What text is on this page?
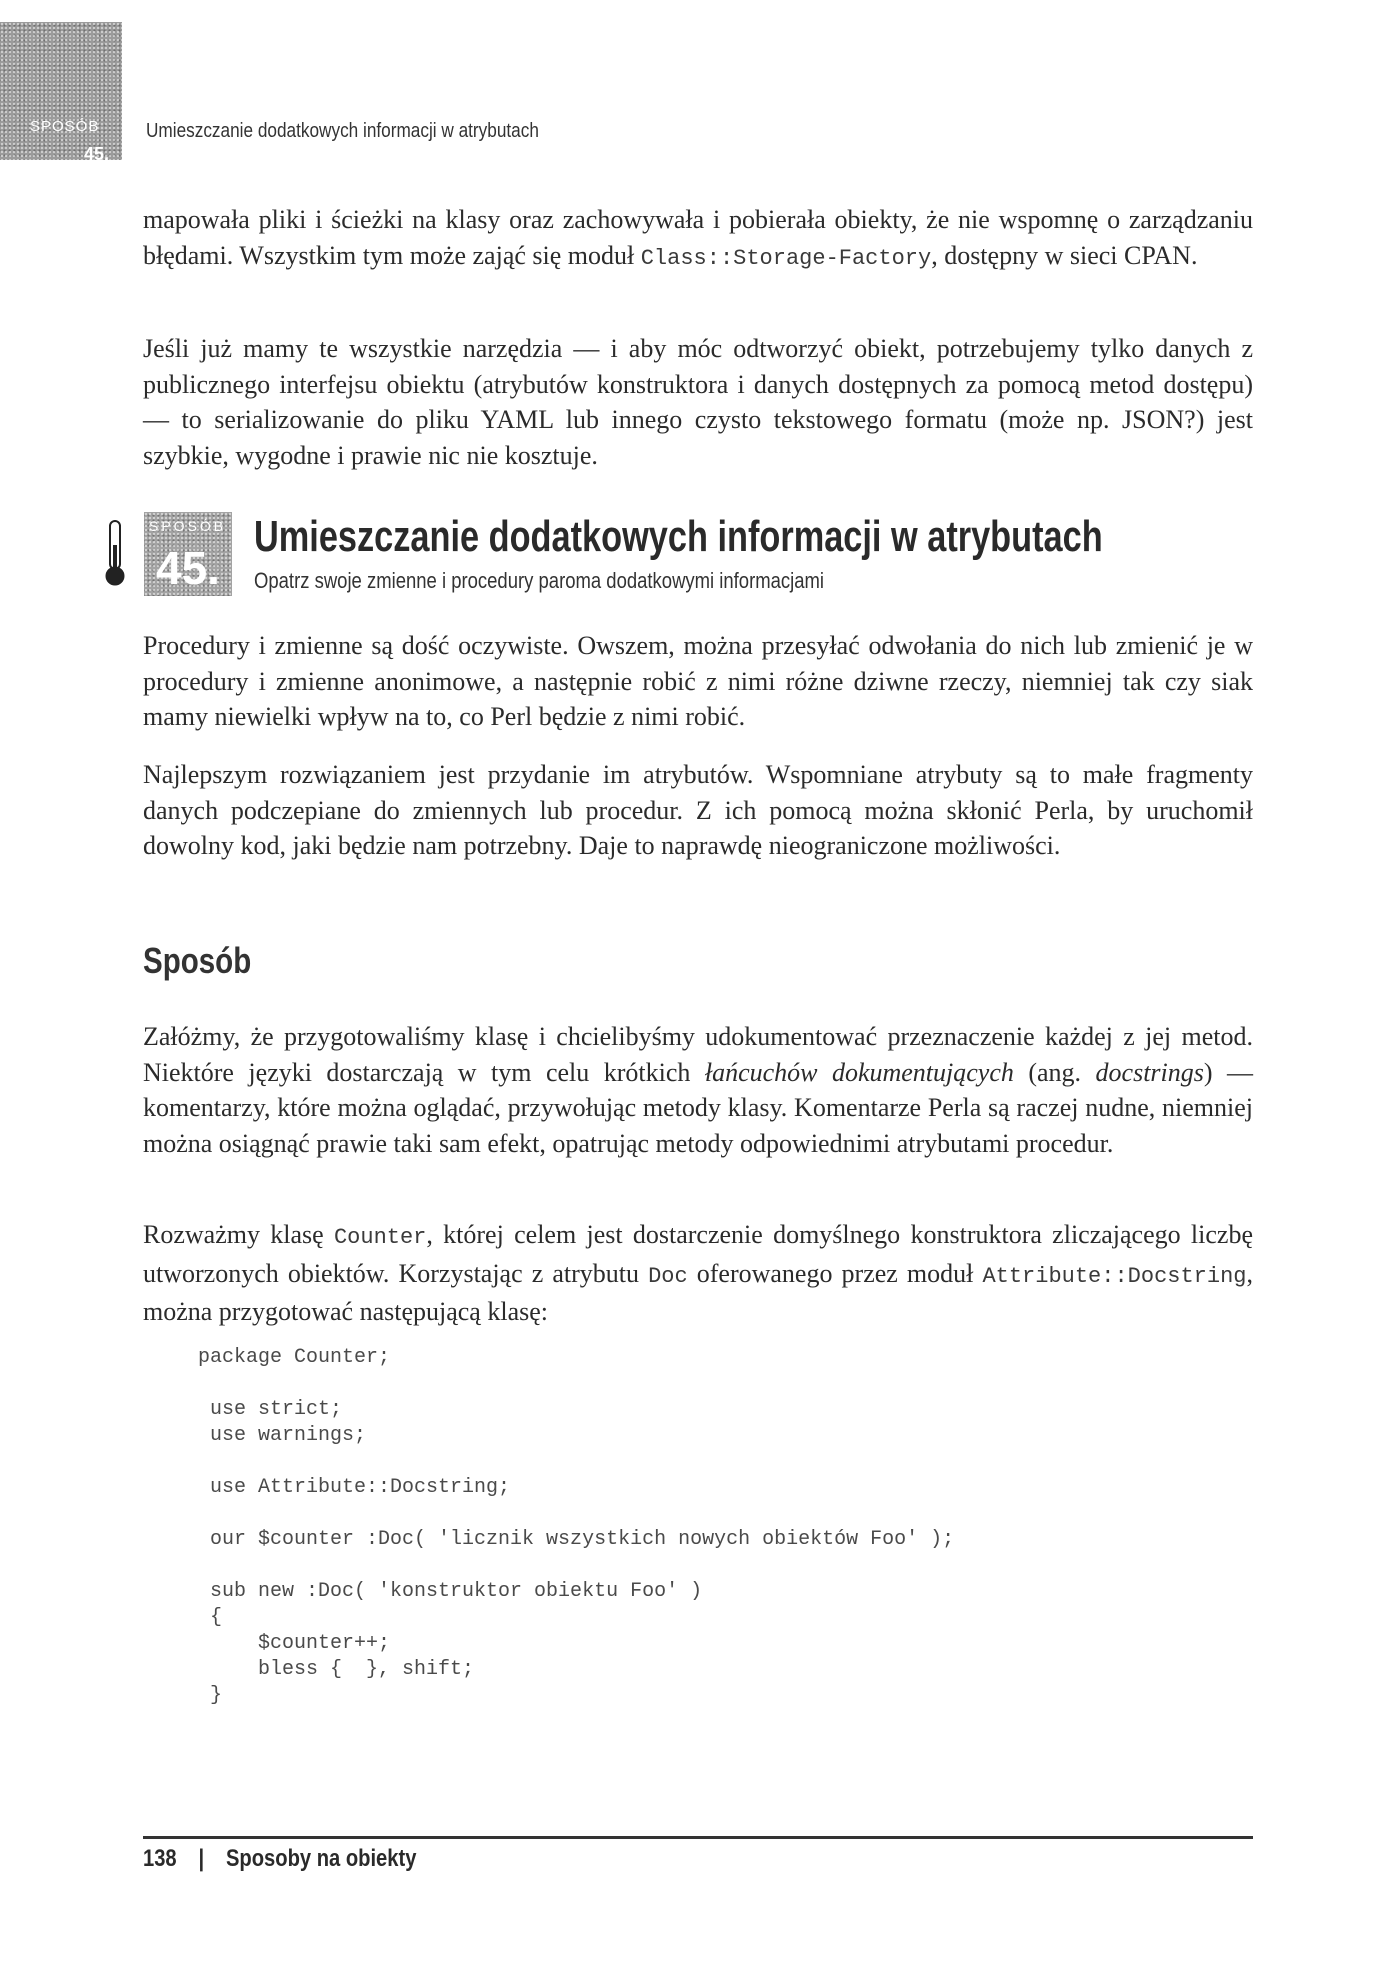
SPOSÓB
45.
Umieszczanie dodatkowych informacji w atrybutach

mapowała pliki i ścieżki na klasy oraz zachowywała i pobierała obiekty, że nie wspomnę o zarządzaniu błędami. Wszystkim tym może zająć się moduł Class::Storage-Factory, dostępny w sieci CPAN.

Jeśli już mamy te wszystkie narzędzia — i aby móc odtworzyć obiekt, potrzebujemy tylko danych z publicznego interfejsu obiektu (atrybutów konstruktora i danych dostępnych za pomocą metod dostępu) — to serializowanie do pliku YAML lub innego czysto tekstowego formatu (może np. JSON?) jest szybkie, wygodne i prawie nic nie kosztuje.

SPOSÓB
45.
Umieszczanie dodatkowych informacji w atrybutach
Opatrz swoje zmienne i procedury paroma dodatkowymi informacjami

Procedury i zmienne są dość oczywiste. Owszem, można przesyłać odwołania do nich lub zmienić je w procedury i zmienne anonimowe, a następnie robić z nimi różne dziwne rzeczy, niemniej tak czy siak mamy niewielki wpływ na to, co Perl będzie z nimi robić.

Najlepszym rozwiązaniem jest przydanie im atrybutów. Wspomniane atrybuty są to małe fragmenty danych podczepiane do zmiennych lub procedur. Z ich pomocą można skłonić Perla, by uruchomił dowolny kod, jaki będzie nam potrzebny. Daje to naprawdę nieograniczone możliwości.

Sposób

Załóżmy, że przygotowaliśmy klasę i chcielibyśmy udokumentować przeznaczenie każdej z jej metod. Niektóre języki dostarczają w tym celu krótkich łańcuchów dokumentujących (ang. docstrings) — komentarzy, które można oglądać, przywołując metody klasy. Komentarze Perla są raczej nudne, niemniej można osiągnąć prawie taki sam efekt, opatrując metody odpowiednimi atrybutami procedur.

Rozważmy klasę Counter, której celem jest dostarczenie domyślnego konstruktora zliczającego liczbę utworzonych obiektów. Korzystając z atrybutu Doc oferowanego przez moduł Attribute::Docstring, można przygotować następującą klasę:

package Counter;
use strict;
use warnings;
use Attribute::Docstring;
our $counter :Doc( 'licznik wszystkich nowych obiektów Foo' );
sub new :Doc( 'konstruktor obiektu Foo' )
{
$counter++;
bless {  }, shift;
}
138 | Sposoby na obiekty
